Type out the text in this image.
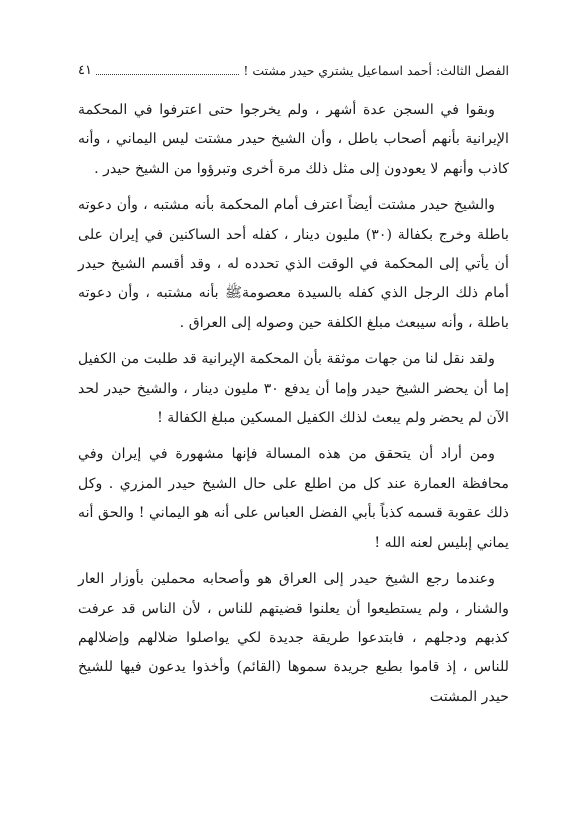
الفصل الثالث: أحمد اسماعيل يشتري حيدر مشتت !
٤١

وبقوا في السجن عدة أشهر ، ولم يخرجوا حتى اعترفوا في المحكمة الإيرانية بأنهم أصحاب باطل ، وأن الشيخ حيدر مشتت ليس اليماني ، وأنه كاذب وأنهم لا يعودون إلى مثل ذلك مرة أخرى وتبرؤوا من الشيخ حيدر .

والشيخ حيدر مشتت أيضاً اعترف أمام المحكمة بأنه مشتبه ، وأن دعوته باطلة وخرج بكفالة (٣٠) مليون دينار ، كفله أحد الساكنين في إيران على أن يأتي إلى المحكمة في الوقت الذي تحدده له ، وقد أقسم الشيخ حيدر أمام ذلك الرجل الذي كفله بالسيدة معصومة‎ﷺ‏ بأنه مشتبه ، وأن دعوته باطلة ، وأنه سيبعث مبلغ الكلفة حين وصوله إلى العراق .

ولقد نقل لنا من جهات موثقة بأن المحكمة الإيرانية قد طلبت من الكفيل إما أن يحضر الشيخ حيدر وإما أن يدفع ٣٠ مليون دينار ، والشيخ حيدر لحد الآن لم يحضر ولم يبعث لذلك الكفيل المسكين مبلغ الكفالة !

ومن أراد أن يتحقق من هذه المسالة فإنها مشهورة في إيران وفي محافظة العمارة عند كل من اطلع على حال الشيخ حيدر المزري . وكل ذلك عقوبة قسمه كذباً بأبي الفضل العباس على أنه هو اليماني ! والحق أنه يماني إبليس لعنه الله !

وعندما رجع الشيخ حيدر إلى العراق هو وأصحابه محملين بأوزار العار والشنار ، ولم يستطيعوا أن يعلنوا قضيتهم للناس ، لأن الناس قد عرفت كذبهم ودجلهم ، فابتدعوا طريقة جديدة لكي يواصلوا ضلالهم وإضلالهم للناس ، إذ قاموا بطبع جريدة سموها (القائم) وأخذوا يدعون فيها للشيخ حيدر المشتت
